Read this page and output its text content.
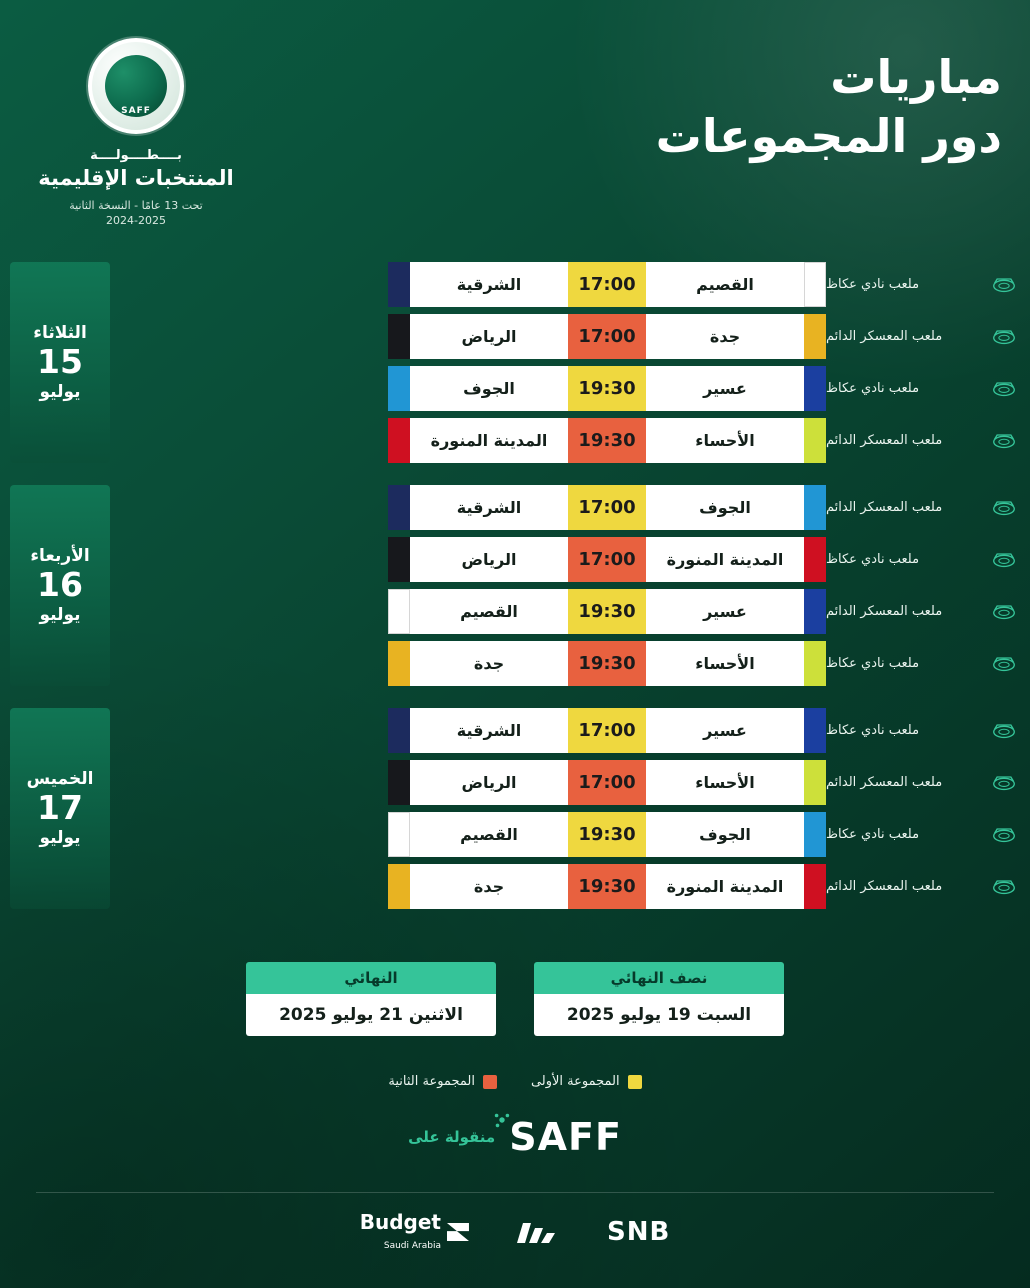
مباريات
دور المجموعات
SAFF
بــــطــــولــــة
المنتخبات الإقليمية
تحت 13 عامًا - النسخة الثانية
2024-2025
ملعب نادي عكاظ
القصيم
17:00
الشرقية
ملعب المعسكر الدائم
جدة
17:00
الرياض
ملعب نادي عكاظ
عسير
19:30
الجوف
ملعب المعسكر الدائم
الأحساء
19:30
المدينة المنورة
الثلاثاء
15
يوليو
ملعب المعسكر الدائم
الجوف
17:00
الشرقية
ملعب نادي عكاظ
المدينة المنورة
17:00
الرياض
ملعب المعسكر الدائم
عسير
19:30
القصيم
ملعب نادي عكاظ
الأحساء
19:30
جدة
الأربعاء
16
يوليو
ملعب نادي عكاظ
عسير
17:00
الشرقية
ملعب المعسكر الدائم
الأحساء
17:00
الرياض
ملعب نادي عكاظ
الجوف
19:30
القصيم
ملعب المعسكر الدائم
المدينة المنورة
19:30
جدة
الخميس
17
يوليو
نصف النهائي
السبت 19 يوليو 2025
النهائي
الاثنين 21 يوليو 2025
المجموعة الأولى
المجموعة الثانية
SAFF
منقولة على
SNB
Budget
Saudi Arabia
